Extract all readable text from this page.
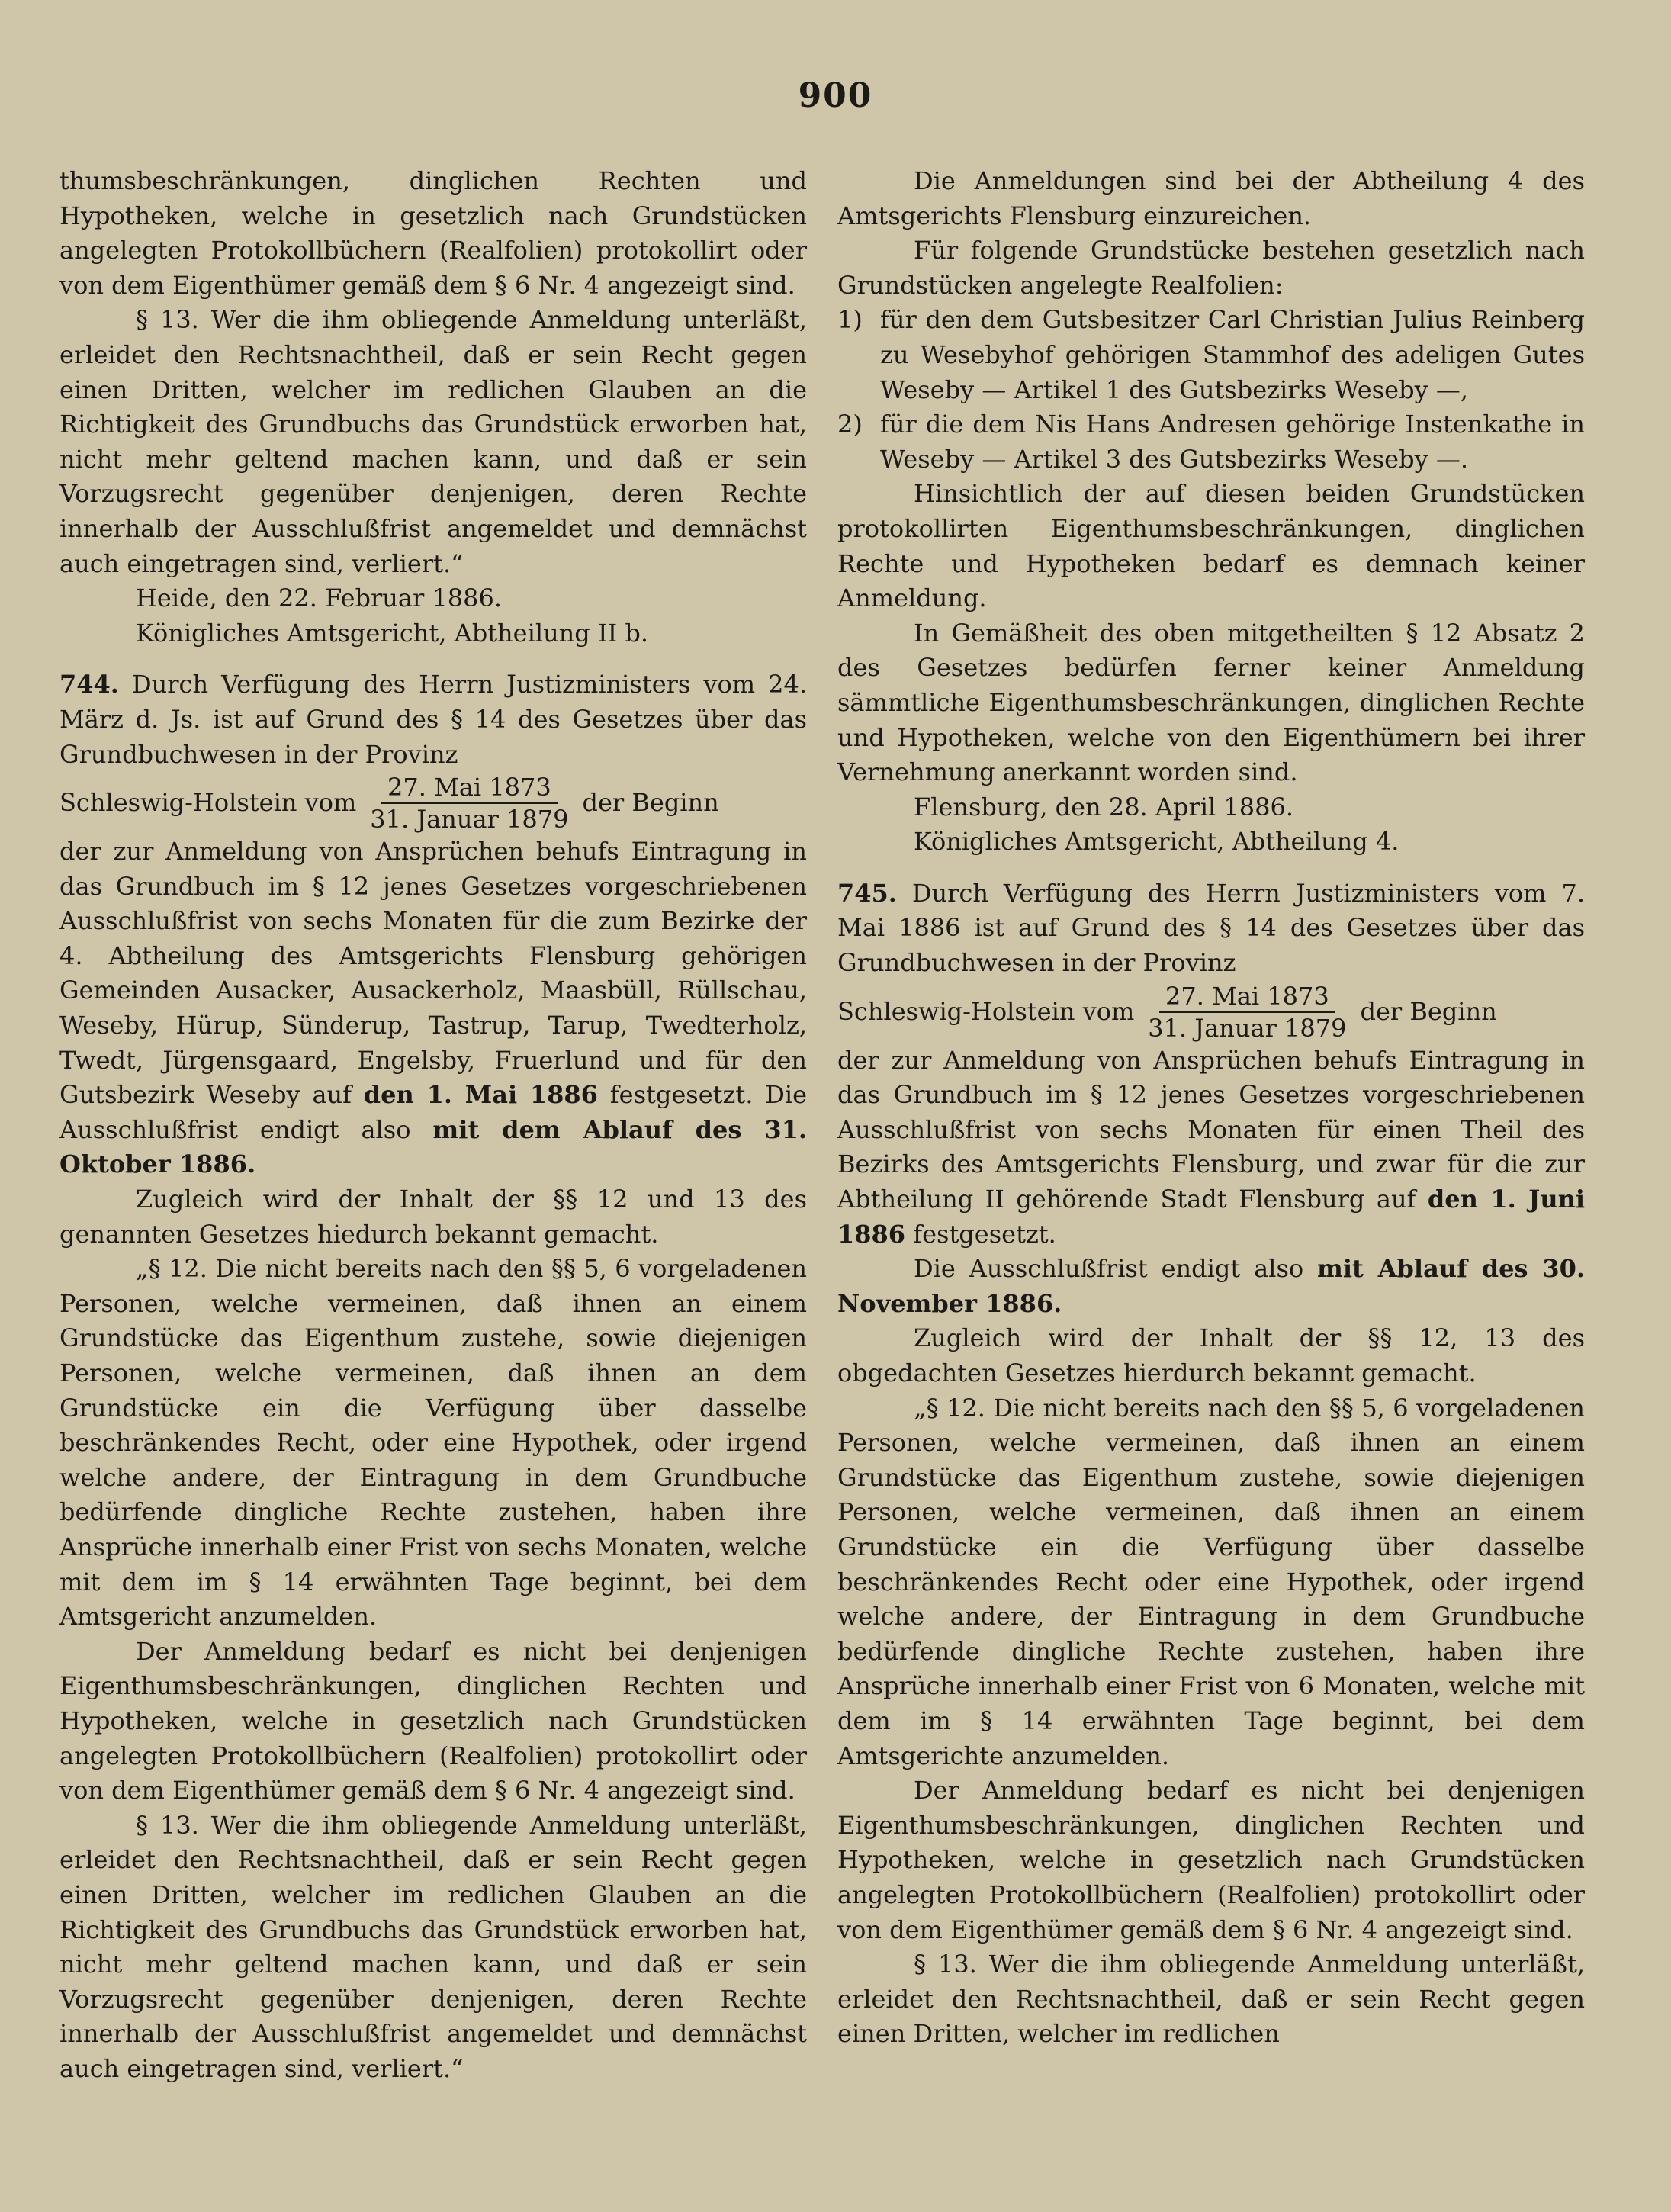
900

thumsbeschränkungen, dinglichen Rechten und Hypotheken, welche in gesetzlich nach Grundstücken angelegten Protokollbüchern (Realfolien) protokollirt oder von dem Eigenthümer gemäß dem § 6 Nr. 4 angezeigt sind.

§ 13. Wer die ihm obliegende Anmeldung unterläßt, erleidet den Rechtsnachtheil, daß er sein Recht gegen einen Dritten, welcher im redlichen Glauben an die Richtigkeit des Grundbuchs das Grundstück erworben hat, nicht mehr geltend machen kann, und daß er sein Vorzugsrecht gegenüber denjenigen, deren Rechte innerhalb der Ausschlußfrist angemeldet und demnächst auch eingetragen sind, verliert.“

Heide, den 22. Februar 1886.

Königliches Amtsgericht, Abtheilung II b.

744. Durch Verfügung des Herrn Justizministers vom 24. März d. Js. ist auf Grund des § 14 des Gesetzes über das Grundbuchwesen in der Provinz

Schleswig-Holstein vom $\frac{\text{27. Mai 1873}}{\text{31. Januar 1879}}$ der Beginn

der zur Anmeldung von Ansprüchen behufs Eintragung in das Grundbuch im § 12 jenes Gesetzes vorgeschriebenen Ausschlußfrist von sechs Monaten für die zum Bezirke der 4. Abtheilung des Amtsgerichts Flensburg gehörigen Gemeinden Ausacker, Ausackerholz, Maasbüll, Rüllschau, Weseby, Hürup, Sünderup, Tastrup, Tarup, Twedterholz, Twedt, Jürgensgaard, Engelsby, Fruerlund und für den Gutsbezirk Weseby auf den 1. Mai 1886 festgesetzt. Die Ausschlußfrist endigt also mit dem Ablauf des 31. Oktober 1886.

Zugleich wird der Inhalt der §§ 12 und 13 des genannten Gesetzes hiedurch bekannt gemacht.

„§ 12. Die nicht bereits nach den §§ 5, 6 vorgeladenen Personen, welche vermeinen, daß ihnen an einem Grundstücke das Eigenthum zustehe, sowie diejenigen Personen, welche vermeinen, daß ihnen an dem Grundstücke ein die Verfügung über dasselbe beschränkendes Recht, oder eine Hypothek, oder irgend welche andere, der Eintragung in dem Grundbuche bedürfende dingliche Rechte zustehen, haben ihre Ansprüche innerhalb einer Frist von sechs Monaten, welche mit dem im § 14 erwähnten Tage beginnt, bei dem Amtsgericht anzumelden.

Der Anmeldung bedarf es nicht bei denjenigen Eigenthumsbeschränkungen, dinglichen Rechten und Hypotheken, welche in gesetzlich nach Grundstücken angelegten Protokollbüchern (Realfolien) protokollirt oder von dem Eigenthümer gemäß dem § 6 Nr. 4 angezeigt sind.

§ 13. Wer die ihm obliegende Anmeldung unterläßt, erleidet den Rechtsnachtheil, daß er sein Recht gegen einen Dritten, welcher im redlichen Glauben an die Richtigkeit des Grundbuchs das Grundstück erworben hat, nicht mehr geltend machen kann, und daß er sein Vorzugsrecht gegenüber denjenigen, deren Rechte innerhalb der Ausschlußfrist angemeldet und demnächst auch eingetragen sind, verliert.“

Die Anmeldungen sind bei der Abtheilung 4 des Amtsgerichts Flensburg einzureichen.

Für folgende Grundstücke bestehen gesetzlich nach Grundstücken angelegte Realfolien:

1) für den dem Gutsbesitzer Carl Christian Julius Reinberg zu Wesebyhof gehörigen Stammhof des adeligen Gutes Weseby — Artikel 1 des Gutsbezirks Weseby —,
2) für die dem Nis Hans Andresen gehörige Instenkathe in Weseby — Artikel 3 des Gutsbezirks Weseby —.

Hinsichtlich der auf diesen beiden Grundstücken protokollirten Eigenthumsbeschränkungen, dinglichen Rechte und Hypotheken bedarf es demnach keiner Anmeldung.

In Gemäßheit des oben mitgetheilten § 12 Absatz 2 des Gesetzes bedürfen ferner keiner Anmeldung sämmtliche Eigenthumsbeschränkungen, dinglichen Rechte und Hypotheken, welche von den Eigenthümern bei ihrer Vernehmung anerkannt worden sind.

Flensburg, den 28. April 1886.

Königliches Amtsgericht, Abtheilung 4.

745. Durch Verfügung des Herrn Justizministers vom 7. Mai 1886 ist auf Grund des § 14 des Gesetzes über das Grundbuchwesen in der Provinz

Schleswig-Holstein vom $\frac{\text{27. Mai 1873}}{\text{31. Januar 1879}}$ der Beginn

der zur Anmeldung von Ansprüchen behufs Eintragung in das Grundbuch im § 12 jenes Gesetzes vorgeschriebenen Ausschlußfrist von sechs Monaten für einen Theil des Bezirks des Amtsgerichts Flensburg, und zwar für die zur Abtheilung II gehörende Stadt Flensburg auf den 1. Juni 1886 festgesetzt.

Die Ausschlußfrist endigt also mit Ablauf des 30. November 1886.

Zugleich wird der Inhalt der §§ 12, 13 des obgedachten Gesetzes hierdurch bekannt gemacht.

„§ 12. Die nicht bereits nach den §§ 5, 6 vorgeladenen Personen, welche vermeinen, daß ihnen an einem Grundstücke das Eigenthum zustehe, sowie diejenigen Personen, welche vermeinen, daß ihnen an einem Grundstücke ein die Verfügung über dasselbe beschränkendes Recht oder eine Hypothek, oder irgend welche andere, der Eintragung in dem Grundbuche bedürfende dingliche Rechte zustehen, haben ihre Ansprüche innerhalb einer Frist von 6 Monaten, welche mit dem im § 14 erwähnten Tage beginnt, bei dem Amtsgerichte anzumelden.

Der Anmeldung bedarf es nicht bei denjenigen Eigenthumsbeschränkungen, dinglichen Rechten und Hypotheken, welche in gesetzlich nach Grundstücken angelegten Protokollbüchern (Realfolien) protokollirt oder von dem Eigenthümer gemäß dem § 6 Nr. 4 angezeigt sind.

§ 13. Wer die ihm obliegende Anmeldung unterläßt, erleidet den Rechtsnachtheil, daß er sein Recht gegen einen Dritten, welcher im redlichen
